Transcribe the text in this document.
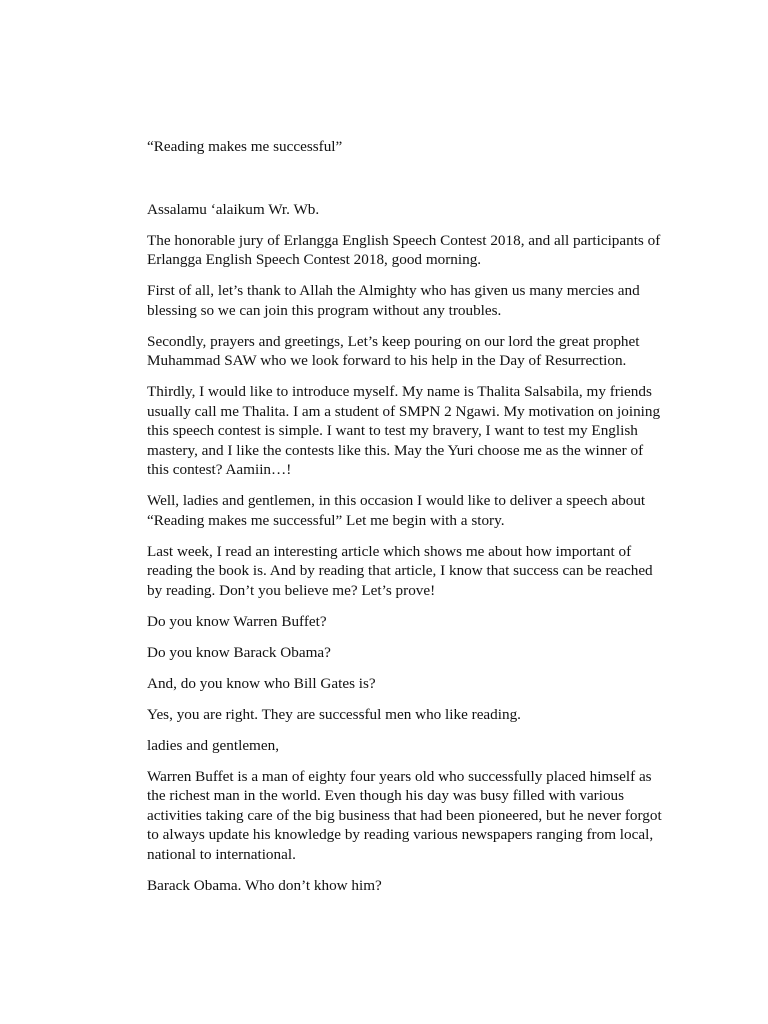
“Reading makes me successful”

Assalamu ‘alaikum Wr. Wb.

The honorable jury of Erlangga English Speech Contest 2018, and all participants of Erlangga English Speech Contest 2018, good morning.

First of all, let’s thank to Allah the Almighty who has given us many mercies and blessing so we can join this program without any troubles.

Secondly, prayers and greetings, Let’s keep pouring on our lord the great prophet Muhammad SAW who we look forward to his help in the Day of Resurrection.

Thirdly, I would like to introduce myself. My name is Thalita Salsabila, my friends usually call me Thalita. I am a student of SMPN 2 Ngawi. My motivation on joining this speech contest is simple. I want to test my bravery, I want to test my English mastery, and I like the contests like this. May the Yuri choose me as the winner of this contest? Aamiin…!

Well, ladies and gentlemen, in this occasion I would like to deliver a speech about “Reading makes me successful” Let me begin with a story.

Last week, I read an interesting article which shows me about how important of reading the book is. And by reading that article, I know that success can be reached by reading. Don’t you believe me? Let’s prove!

Do you know Warren Buffet?

Do you know Barack Obama?

And, do you know who Bill Gates is?

Yes, you are right. They are successful men who like reading.

ladies and gentlemen,

Warren Buffet is a man of eighty four years old who successfully placed himself as the richest man in the world. Even though his day was busy filled with various activities taking care of the big business that had been pioneered, but he never forgot to always update his knowledge by reading various newspapers ranging from local, national to international.

Barack Obama. Who don’t khow him?
